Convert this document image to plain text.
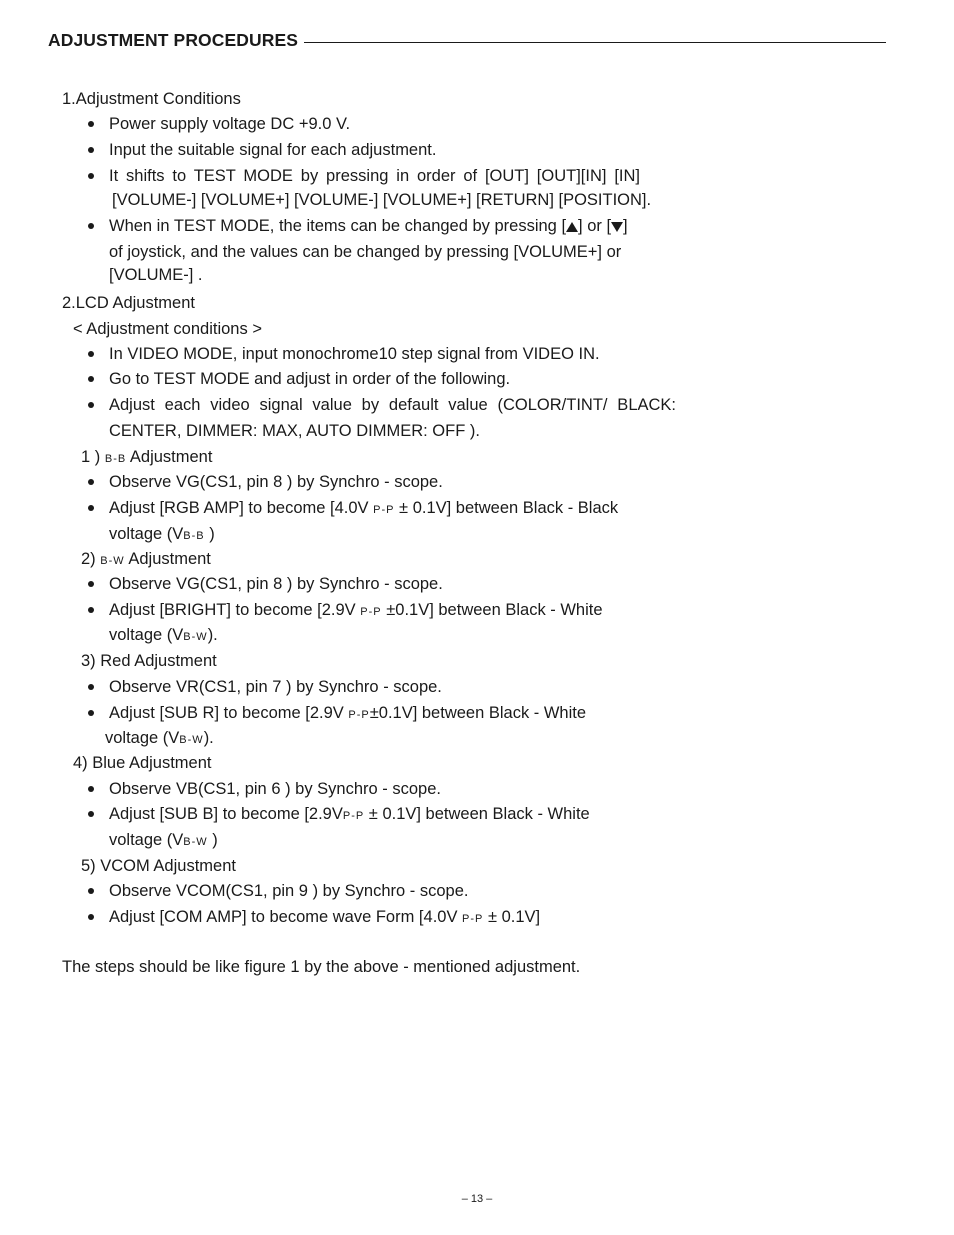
ADJUSTMENT PROCEDURES
1.Adjustment Conditions
Power supply voltage DC +9.0 V.
Input the suitable signal for each adjustment.
It shifts to TEST MODE by pressing in order of [OUT] [OUT][IN] [IN]
[VOLUME-] [VOLUME+] [VOLUME-] [VOLUME+] [RETURN] [POSITION].
When in TEST MODE, the items can be changed by pressing [ ] or [ ]
of joystick, and the values can be changed by pressing [VOLUME+] or
[VOLUME-] .
2.LCD Adjustment
< Adjustment conditions >
In VIDEO MODE, input monochrome10 step signal from VIDEO IN.
Go to TEST MODE and adjust in order of the following.
Adjust each video signal value by default value (COLOR/TINT/ BLACK:
CENTER, DIMMER: MAX, AUTO DIMMER: OFF ).
1 ) B-B Adjustment
Observe VG(CS1, pin 8 ) by Synchro - scope.
Adjust [RGB AMP] to become [4.0V P-P ± 0.1V] between Black - Black
voltage (VB-B )
2) B-W Adjustment
Observe VG(CS1, pin 8 ) by Synchro - scope.
Adjust [BRIGHT] to become [2.9V P-P ±0.1V] between Black - White
voltage (VB-W).
3) Red Adjustment
Observe VR(CS1, pin 7 ) by Synchro - scope.
Adjust [SUB R] to become [2.9V P-P±0.1V] between Black - White
voltage (VB-W).
4) Blue Adjustment
Observe VB(CS1, pin 6 ) by Synchro - scope.
Adjust [SUB B] to become [2.9VP-P ± 0.1V] between Black - White
voltage (VB-W )
5) VCOM Adjustment
Observe VCOM(CS1, pin 9 ) by Synchro - scope.
Adjust [COM AMP] to become wave Form [4.0V P-P ± 0.1V]
The steps should be like figure 1 by the above - mentioned adjustment.
– 13 –
